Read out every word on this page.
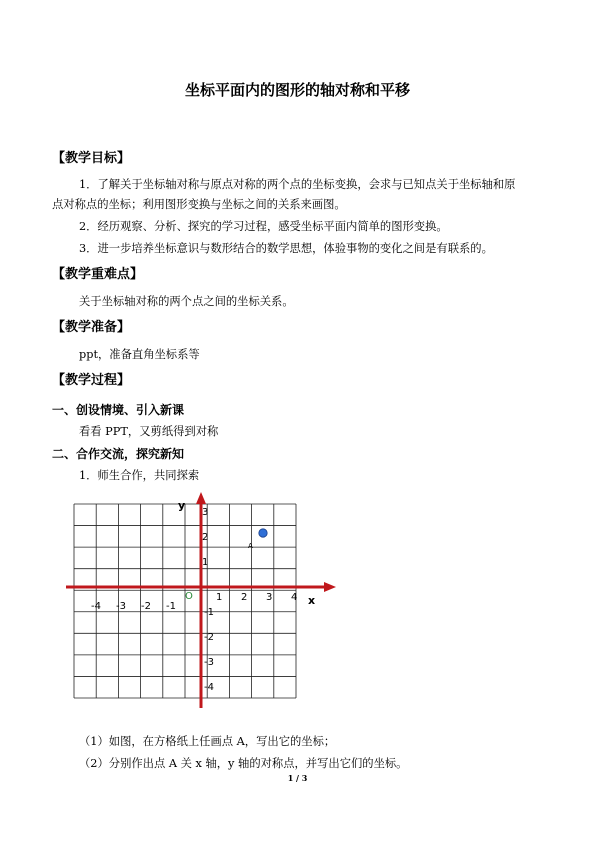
坐标平面内的图形的轴对称和平移
【教学目标】
1．了解关于坐标轴对称与原点对称的两个点的坐标变换，会求与已知点关于坐标轴和原
点对称点的坐标；利用图形变换与坐标之间的关系来画图。
2．经历观察、分析、探究的学习过程，感受坐标平面内简单的图形变换。
3．进一步培养坐标意识与数形结合的数学思想，体验事物的变化之间是有联系的。
【教学重难点】
关于坐标轴对称的两个点之间的坐标关系。
【教学准备】
ppt，准备直角坐标系等
【教学过程】
一、创设情境、引入新课
看看 PPT，又剪纸得到对称
二、合作交流，探究新知
1．师生合作，共同探索
1 2 3 4
-4 -3 -2 -1
1
2
3
-1
-2
-3
-4
A
O	x
y
（1）如图，在方格纸上任画点 A，写出它的坐标；
（2）分别作出点 A 关 x 轴，y 轴的对称点，并写出它们的坐标。
1 / 3
